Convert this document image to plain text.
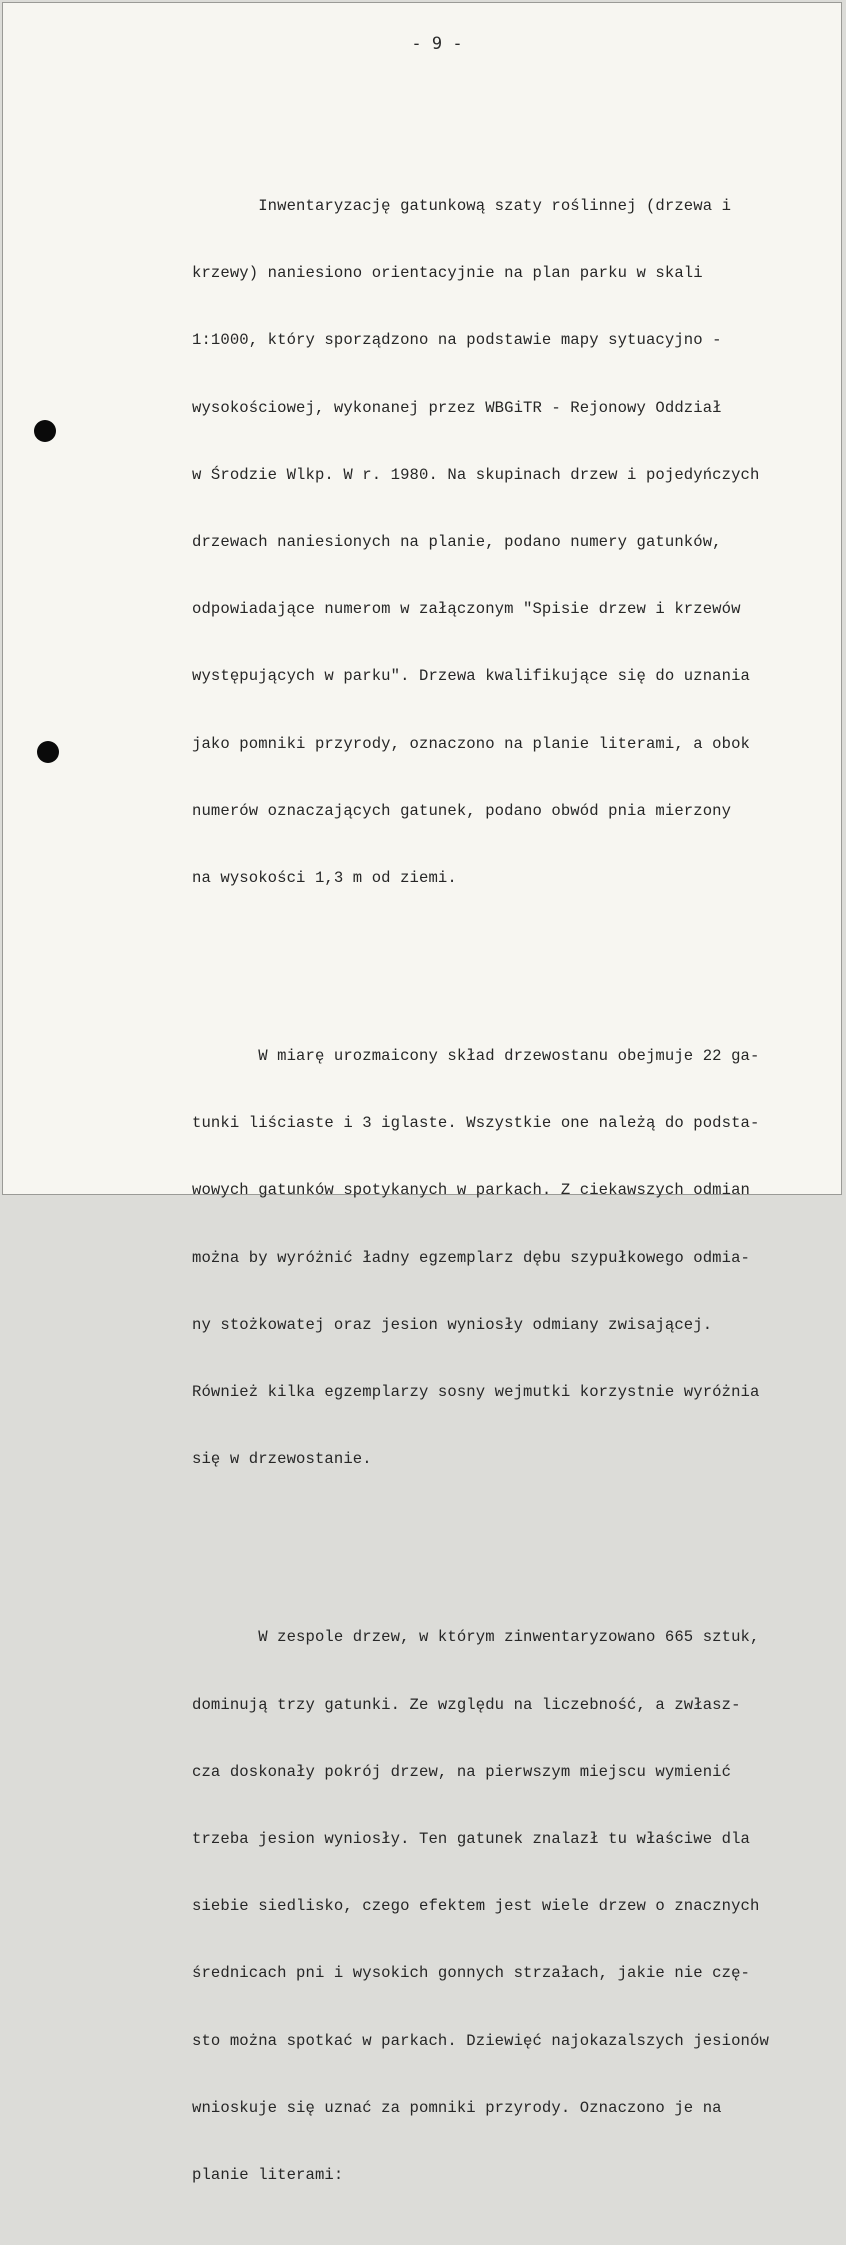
- 9 -

Inwentaryzację gatunkową szaty roślinnej (drzewa i

krzewy) naniesiono orientacyjnie na plan parku w skali

1:1000, który sporządzono na podstawie mapy sytuacyjno -

wysokościowej, wykonanej przez WBGiTR - Rejonowy Oddział

w Środzie Wlkp. W r. 1980. Na skupinach drzew i pojedyńczych

drzewach naniesionych na planie, podano numery gatunków,

odpowiadające numerom w załączonym "Spisie drzew i krzewów

występujących w parku". Drzewa kwalifikujące się do uznania

jako pomniki przyrody, oznaczono na planie literami, a obok

numerów oznaczających gatunek, podano obwód pnia mierzony

na wysokości 1,3 m od ziemi.

W miarę urozmaicony skład drzewostanu obejmuje 22 ga-

tunki liściaste i 3 iglaste. Wszystkie one należą do podsta-

wowych gatunków spotykanych w parkach. Z ciekawszych odmian

można by wyróżnić ładny egzemplarz dębu szypułkowego odmia-

ny stożkowatej oraz jesion wyniosły odmiany zwisającej.

Również kilka egzemplarzy sosny wejmutki korzystnie wyróżnia

się w drzewostanie.

W zespole drzew, w którym zinwentaryzowano 665 sztuk,

dominują trzy gatunki. Ze względu na liczebność, a zwłasz-

cza doskonały pokrój drzew, na pierwszym miejscu wymienić

trzeba jesion wyniosły. Ten gatunek znalazł tu właściwe dla

siebie siedlisko, czego efektem jest wiele drzew o znacznych

średnicach pni i wysokich gonnych strzałach, jakie nie czę-

sto można spotkać w parkach. Dziewięć najokazalszych jesionów

wnioskuje się uznać za pomniki przyrody. Oznaczono je na

planie literami:
